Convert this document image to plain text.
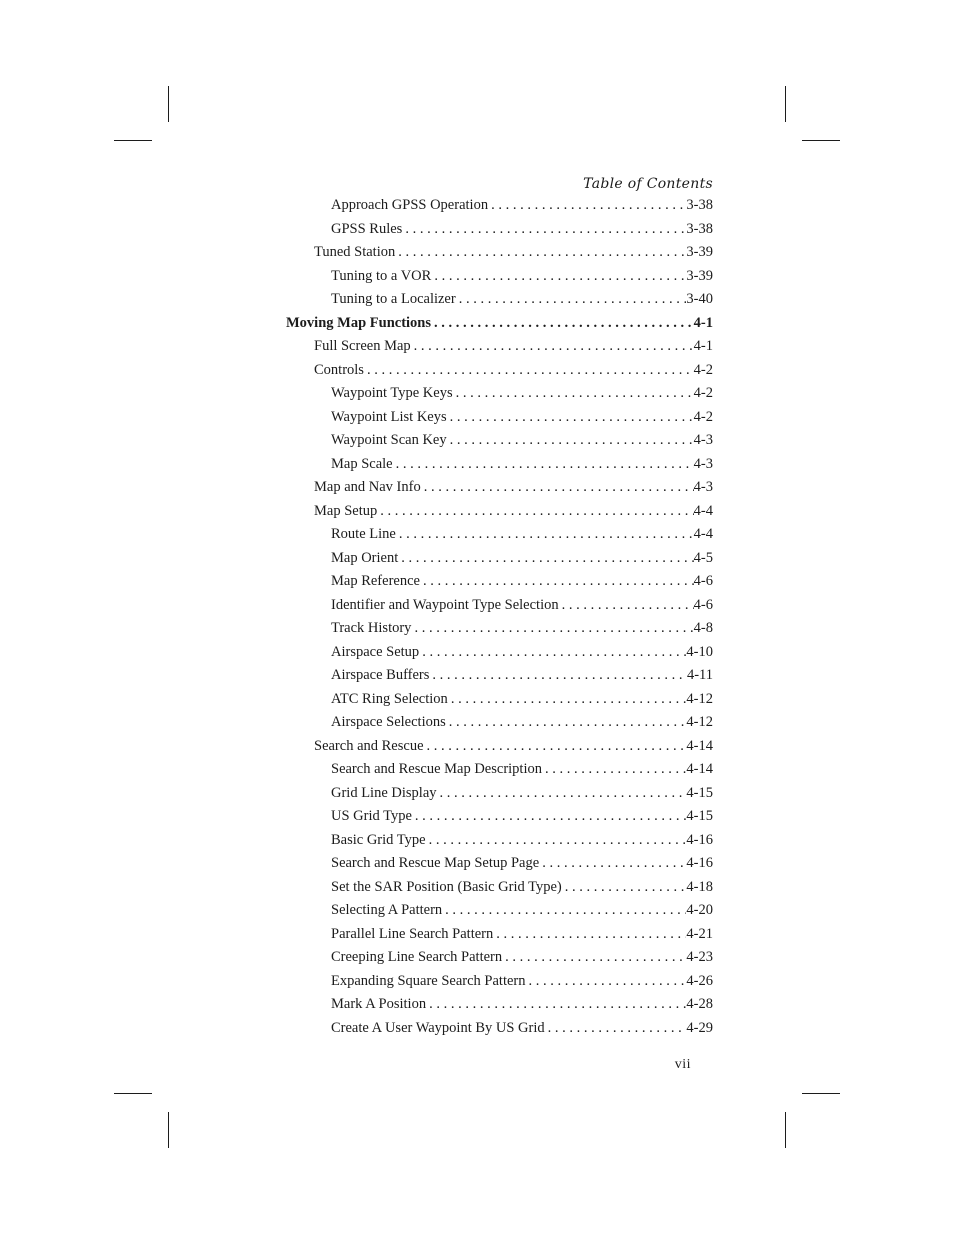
Table of Contents
Approach GPSS Operation . . .	3-38
GPSS Rules . . .	3-38
Tuned Station . . .	3-39
Tuning to a VOR . . .	3-39
Tuning to a Localizer . . .	3-40
Moving Map Functions . . .	4-1
Full Screen Map . . .	4-1
Controls . . .	4-2
Waypoint Type Keys . . .	4-2
Waypoint List Keys . . .	4-2
Waypoint Scan Key . . .	4-3
Map Scale . . .	4-3
Map and Nav Info . . .	4-3
Map Setup . . .	4-4
Route Line . . .	4-4
Map Orient . . .	4-5
Map Reference . . .	4-6
Identifier and Waypoint Type Selection . . .	4-6
Track History . . .	4-8
Airspace Setup . . .	4-10
Airspace Buffers . . .	4-11
ATC Ring Selection . . .	4-12
Airspace Selections . . .	4-12
Search and Rescue . . .	4-14
Search and Rescue Map Description . . .	4-14
Grid Line Display . . .	4-15
US Grid Type . . .	4-15
Basic Grid Type . . .	4-16
Search and Rescue Map Setup Page . . .	4-16
Set the SAR Position (Basic Grid Type) . . .	4-18
Selecting A Pattern . . .	4-20
Parallel Line Search Pattern . . .	4-21
Creeping Line Search Pattern . . .	4-23
Expanding Square Search Pattern . . .	4-26
Mark A Position . . .	4-28
Create A User Waypoint By US Grid . . .	4-29
vii
